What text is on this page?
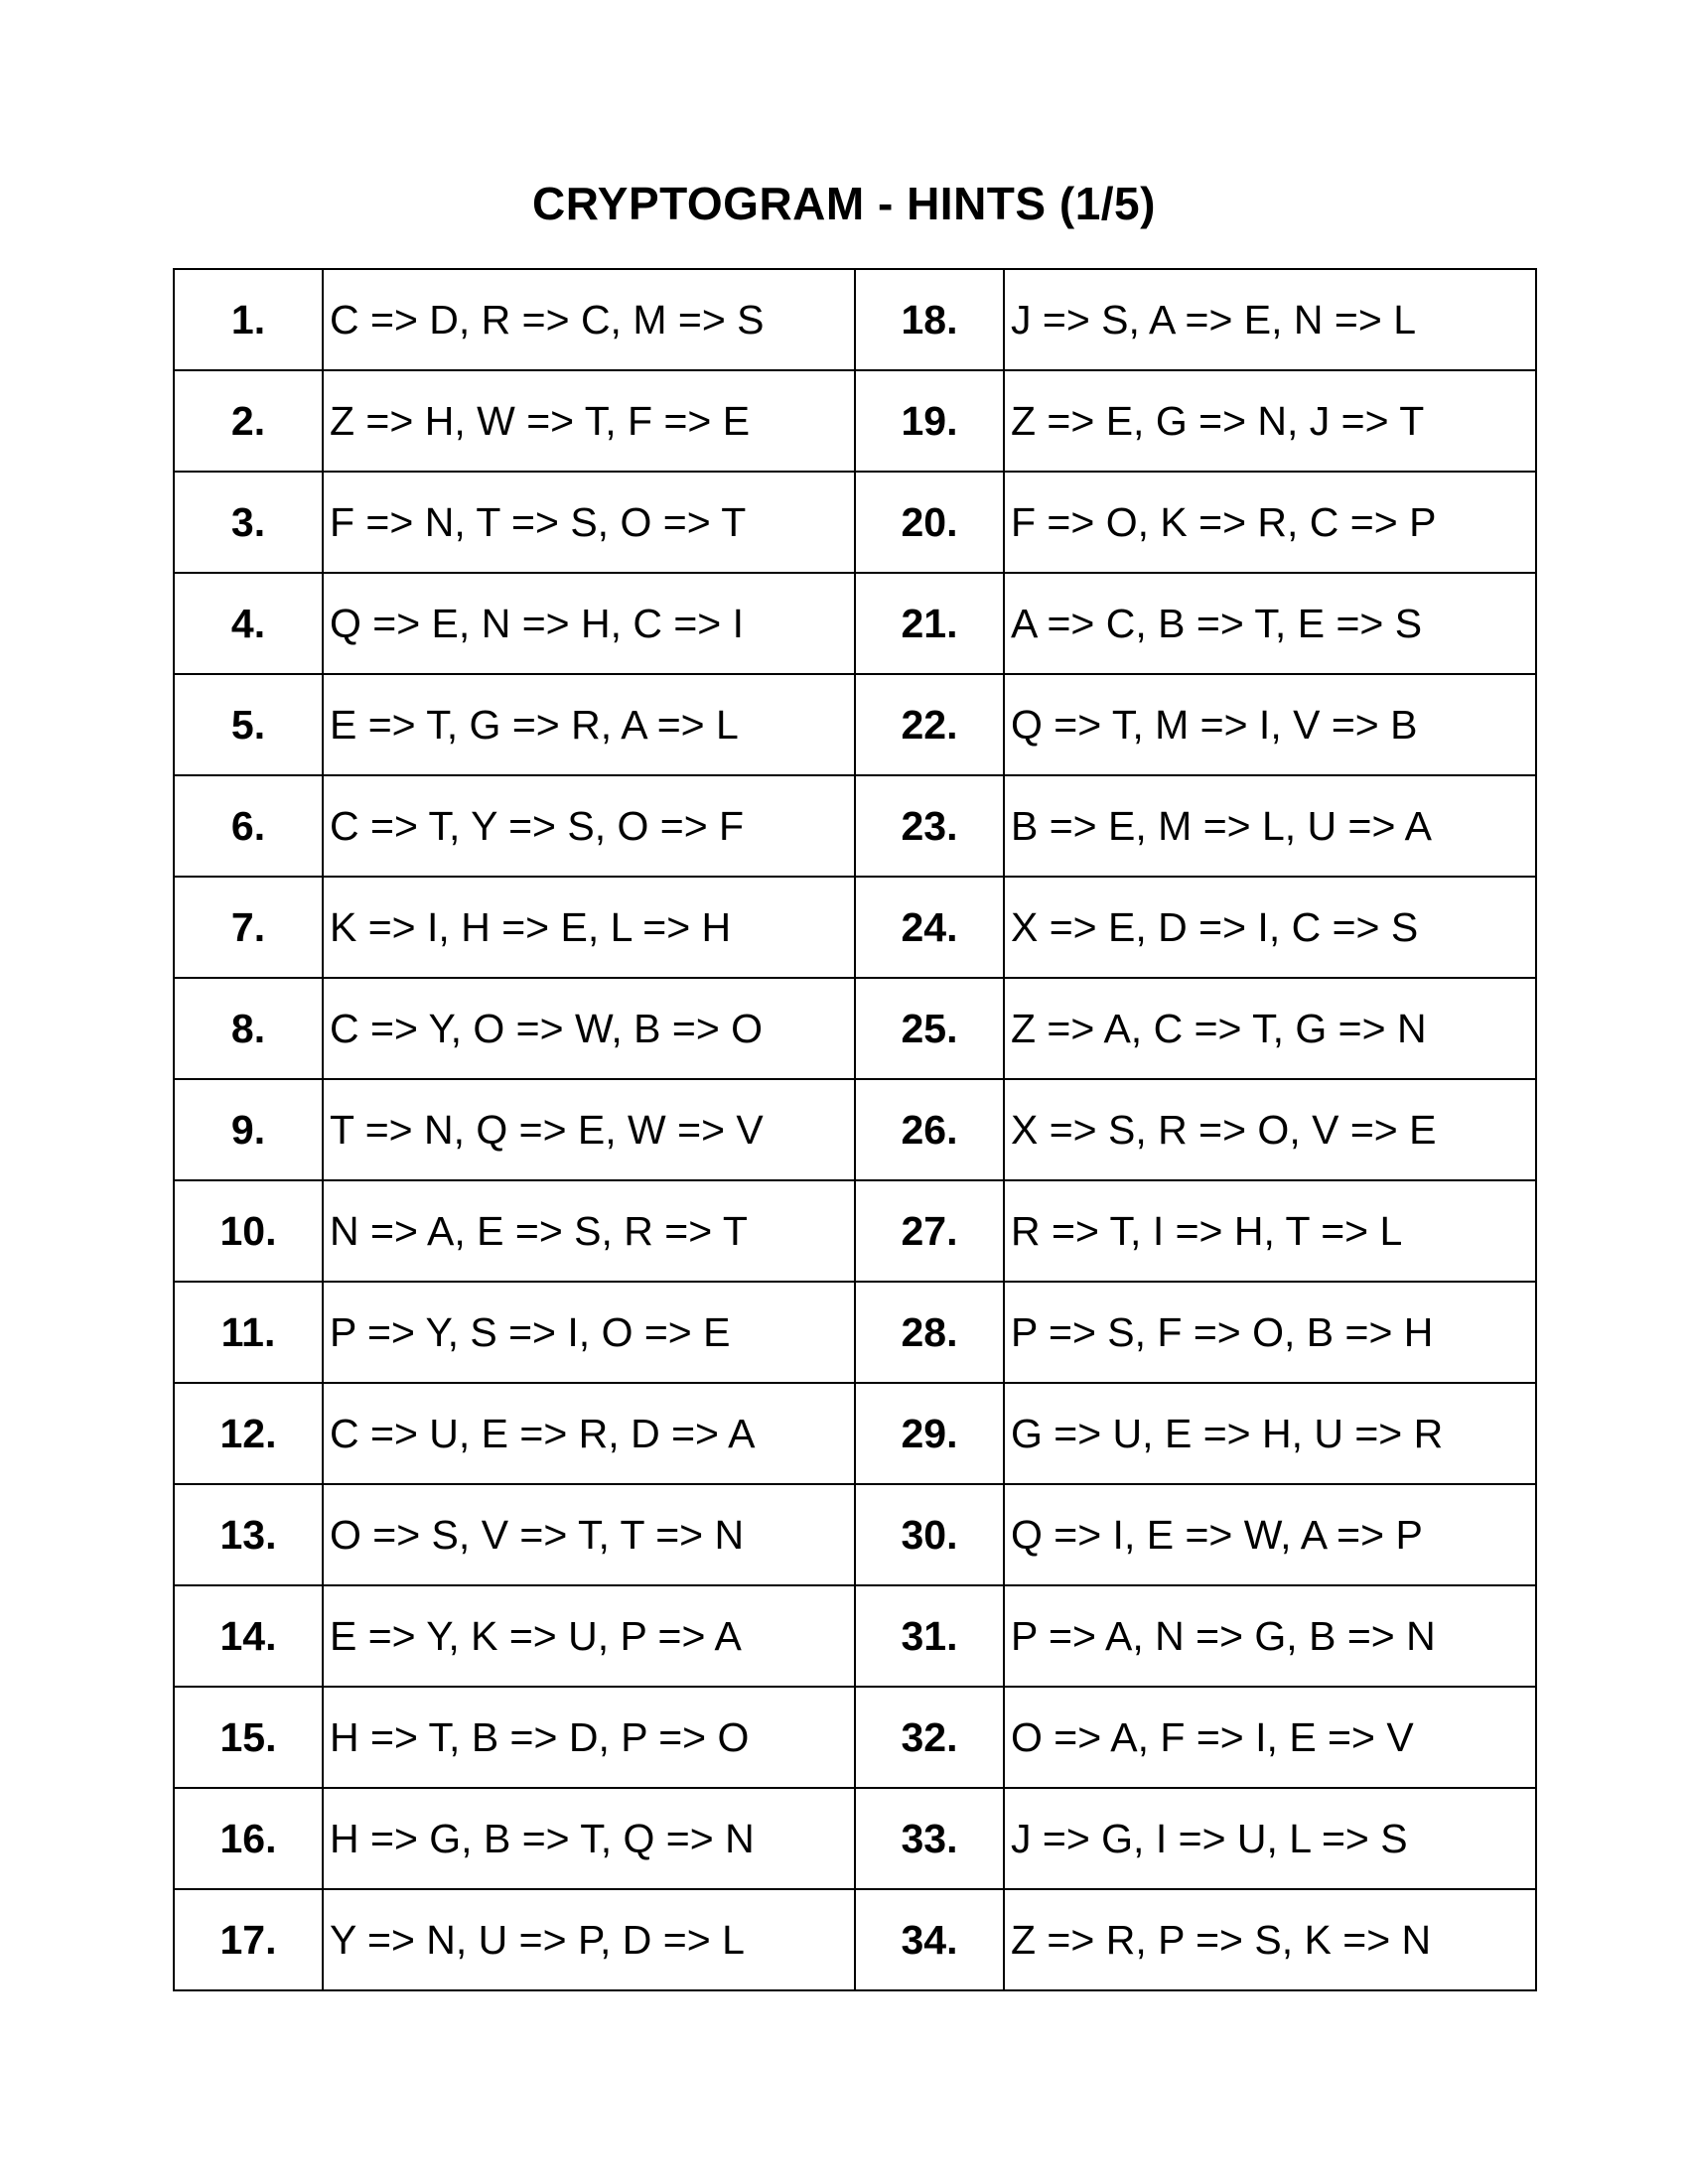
CRYPTOGRAM - HINTS (1/5)
1.	C => D, R => C, M => S	18.	J => S, A => E, N => L
2.	Z => H, W => T, F => E	19.	Z => E, G => N, J => T
3.	F => N, T => S, O => T	20.	F => O, K => R, C => P
4.	Q => E, N => H, C => I	21.	A => C, B => T, E => S
5.	E => T, G => R, A => L	22.	Q => T, M => I, V => B
6.	C => T, Y => S, O => F	23.	B => E, M => L, U => A
7.	K => I, H => E, L => H	24.	X => E, D => I, C => S
8.	C => Y, O => W, B => O	25.	Z => A, C => T, G => N
9.	T => N, Q => E, W => V	26.	X => S, R => O, V => E
10.	N => A, E => S, R => T	27.	R => T, I => H, T => L
11.	P => Y, S => I, O => E	28.	P => S, F => O, B => H
12.	C => U, E => R, D => A	29.	G => U, E => H, U => R
13.	O => S, V => T, T => N	30.	Q => I, E => W, A => P
14.	E => Y, K => U, P => A	31.	P => A, N => G, B => N
15.	H => T, B => D, P => O	32.	O => A, F => I, E => V
16.	H => G, B => T, Q => N	33.	J => G, I => U, L => S
17.	Y => N, U => P, D => L	34.	Z => R, P => S, K => N
